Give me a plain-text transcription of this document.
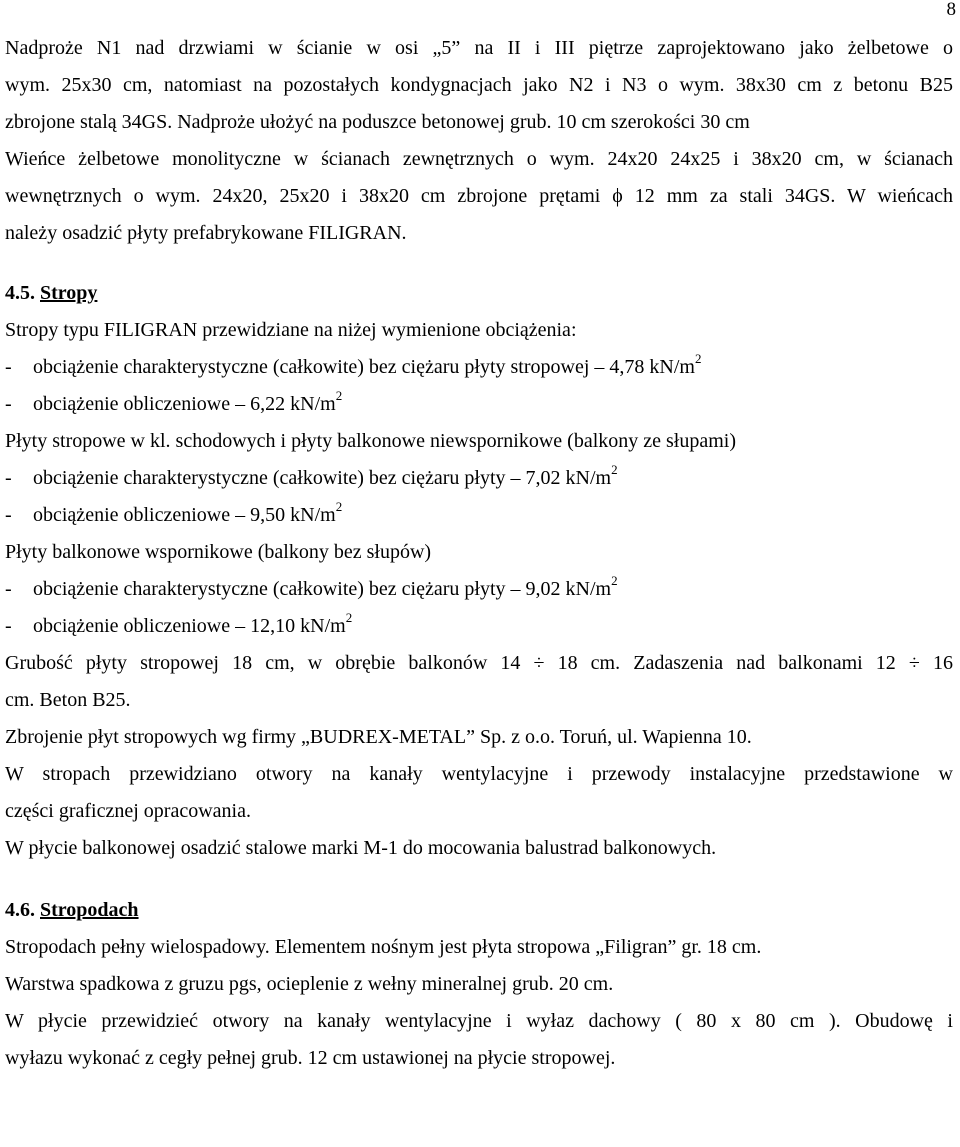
8

Nadproże N1 nad drzwiami w ścianie w osi „5” na II i III piętrze zaprojektowano jako żelbetowe o

wym. 25x30 cm, natomiast na pozostałych kondygnacjach jako N2 i N3 o wym. 38x30 cm z betonu B25

zbrojone stalą 34GS. Nadproże ułożyć na poduszce betonowej grub. 10 cm szerokości 30 cm

Wieńce żelbetowe monolityczne w ścianach zewnętrznych o wym. 24x20 24x25 i 38x20 cm, w ścianach

wewnętrznych o wym. 24x20, 25x20 i 38x20 cm zbrojone prętami ϕ 12 mm za stali 34GS. W wieńcach

należy osadzić płyty prefabrykowane FILIGRAN.

4.5. Stropy

Stropy typu FILIGRAN przewidziane na niżej wymienione obciążenia:

- obciążenie charakterystyczne (całkowite) bez ciężaru płyty stropowej – 4,78 $kN/m^2$

- obciążenie obliczeniowe – 6,22 $kN/m^2$

Płyty stropowe w kl. schodowych i płyty balkonowe niewspornikowe (balkony ze słupami)

- obciążenie charakterystyczne (całkowite) bez ciężaru płyty – 7,02 $kN/m^2$

- obciążenie obliczeniowe – 9,50 $kN/m^2$

Płyty balkonowe wspornikowe (balkony bez słupów)

- obciążenie charakterystyczne (całkowite) bez ciężaru płyty – 9,02 $kN/m^2$

- obciążenie obliczeniowe – 12,10 $kN/m^2$

Grubość płyty stropowej 18 cm, w obrębie balkonów 14 ÷ 18 cm. Zadaszenia nad balkonami 12 ÷ 16

cm. Beton B25.

Zbrojenie płyt stropowych wg firmy „BUDREX-METAL” Sp. z o.o. Toruń, ul. Wapienna 10.

W stropach przewidziano otwory na kanały wentylacyjne i przewody instalacyjne przedstawione w

części graficznej opracowania.

W płycie balkonowej osadzić stalowe marki M-1 do mocowania balustrad balkonowych.

4.6. Stropodach

Stropodach pełny wielospadowy. Elementem nośnym jest płyta stropowa „Filigran” gr. 18 cm.

Warstwa spadkowa z gruzu pgs, ocieplenie z wełny mineralnej grub. 20 cm.

W płycie przewidzieć otwory na kanały wentylacyjne i wyłaz dachowy ( 80 x 80 cm ). Obudowę i

wyłazu wykonać z cegły pełnej grub. 12 cm ustawionej na płycie stropowej.
